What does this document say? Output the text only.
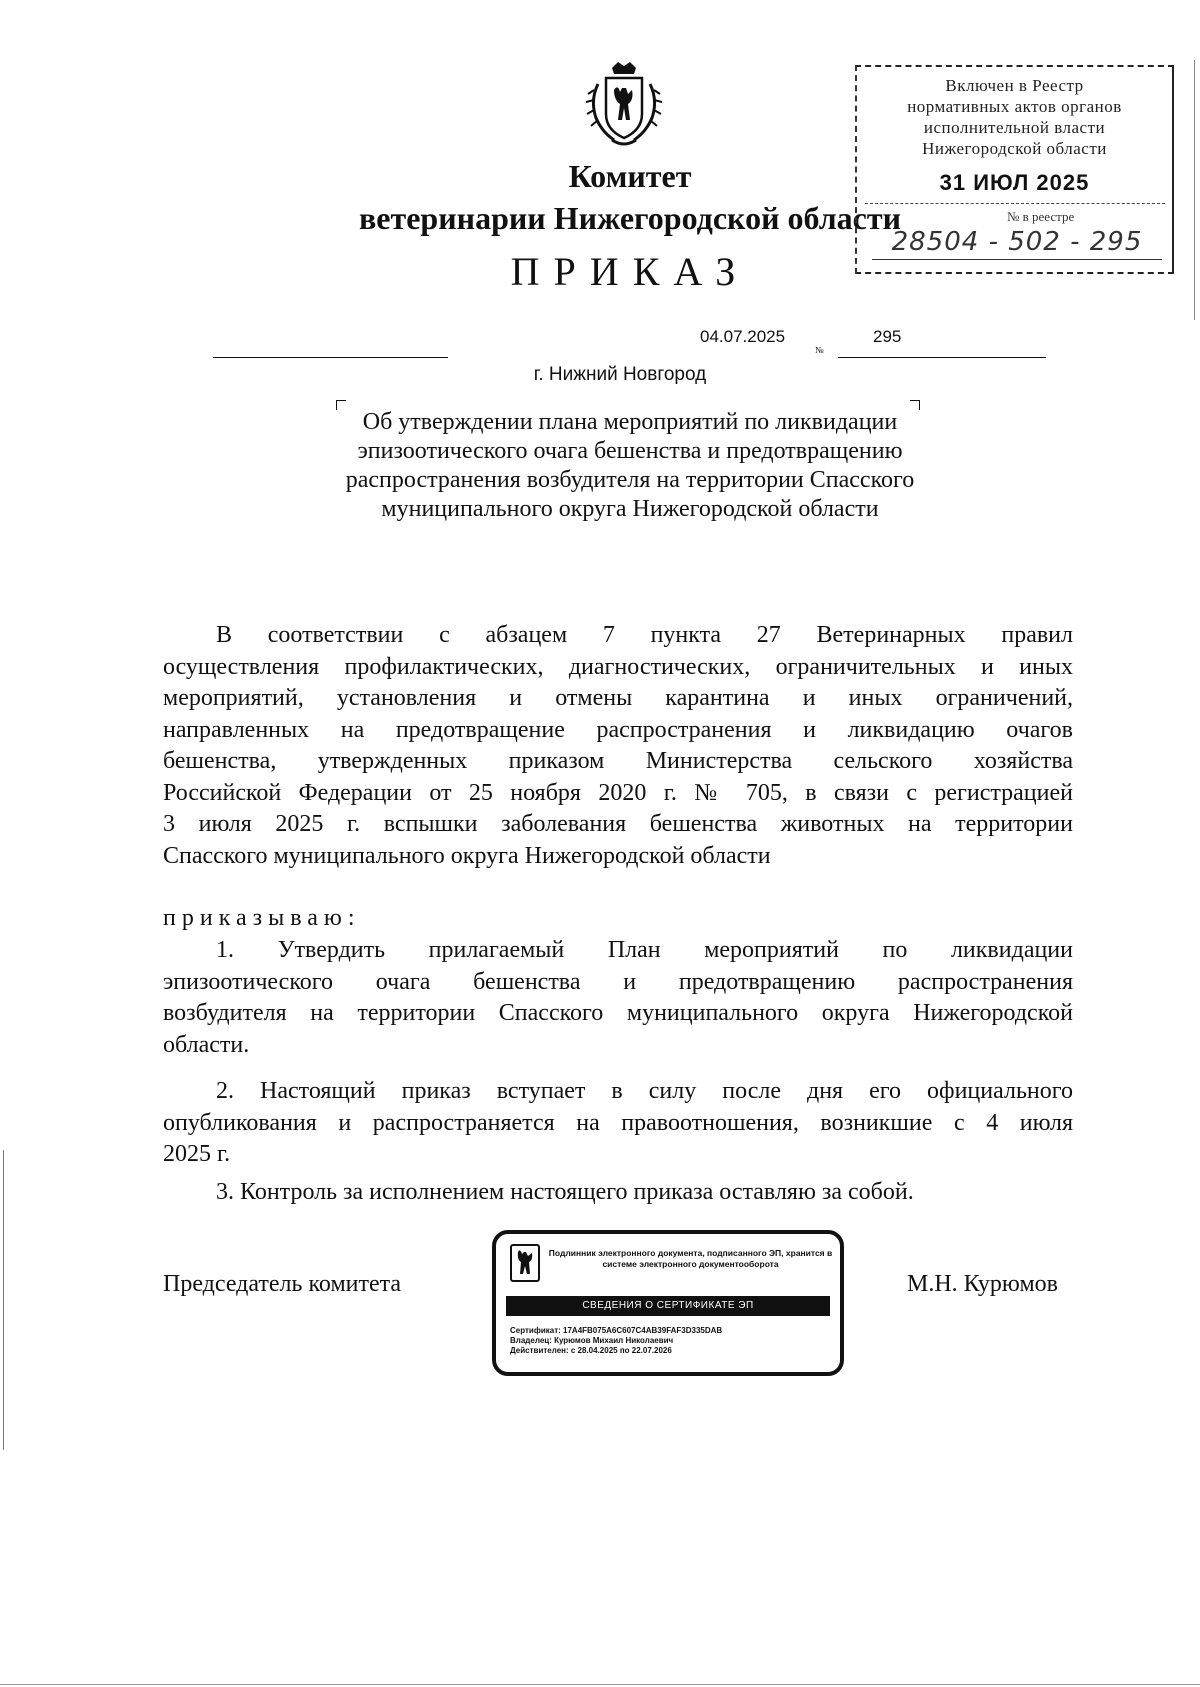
Комитет
ветеринарии Нижегородской области
ПРИКАЗ
Включен в Реестр
нормативных актов органов
исполнительной власти
Нижегородской области
31 ИЮЛ 2025
№ в реестре
28504 - 502 - 295
04.07.2025	295
№
г. Нижний Новгород
Об утверждении плана мероприятий по ликвидации эпизоотического очага бешенства и предотвращению распространения возбудителя на территории Спасского муниципального округа Нижегородской области
В соответствии с абзацем 7 пункта 27 Ветеринарных правил
осуществления профилактических, диагностических, ограничительных и иных
мероприятий, установления и отмены карантина и иных ограничений,
направленных на предотвращение распространения и ликвидацию очагов
бешенства, утвержденных приказом Министерства сельского хозяйства
Российской Федерации от 25 ноября 2020 г. № 705, в связи с регистрацией
3 июля 2025 г. вспышки заболевания бешенства животных на территории
Спасского муниципального округа Нижегородской области
приказываю:
1. Утвердить прилагаемый План мероприятий по ликвидации
эпизоотического очага бешенства и предотвращению распространения
возбудителя на территории Спасского муниципального округа Нижегородской
области.
2. Настоящий приказ вступает в силу после дня его официального
опубликования и распространяется на правоотношения, возникшие с 4 июля
2025 г.
3. Контроль за исполнением настоящего приказа оставляю за собой.
Председатель комитета	М.Н. Курюмов
Подлинник электронного документа, подписанного ЭП, хранится в системе электронного документооборота
СВЕДЕНИЯ О СЕРТИФИКАТЕ ЭП
Сертификат: 17A4FB075A6C607C4AB39FAF3D335DAB
Владелец: Курюмов Михаил Николаевич
Действителен: с 28.04.2025 по 22.07.2026
